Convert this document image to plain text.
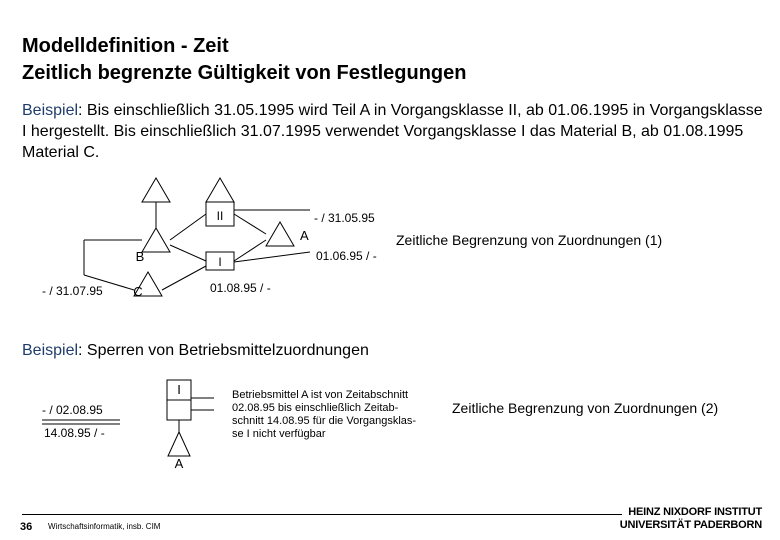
Modelldefinition - Zeit
Zeitlich begrenzte Gültigkeit von Festlegungen
Beispiel: Bis einschließlich 31.05.1995 wird Teil A in Vorgangsklasse II, ab 01.06.1995 in Vorgangsklasse I hergestellt. Bis einschließlich 31.07.1995 verwendet Vorgangsklasse I das Material B, ab 01.08.1995 Material C.
II
I
A
B
C
- / 31.05.95
01.06.95 / -
- / 31.07.95	01.08.95 / -
Zeitliche Begrenzung von Zuordnungen (1)
Beispiel: Sperren von Betriebsmittelzuordnungen
I
A
- / 02.08.95
14.08.95 / -
Betriebsmittel A ist von Zeitabschnitt
02.08.95 bis einschließlich Zeitab-
schnitt 14.08.95 für die Vorgangsklas-
se I nicht verfügbar
Zeitliche Begrenzung von Zuordnungen (2)
36 Wirtschaftsinformatik, insb. CIM
HEINZ NIXDORF INSTITUT
UNIVERSITÄT PADERBORN
